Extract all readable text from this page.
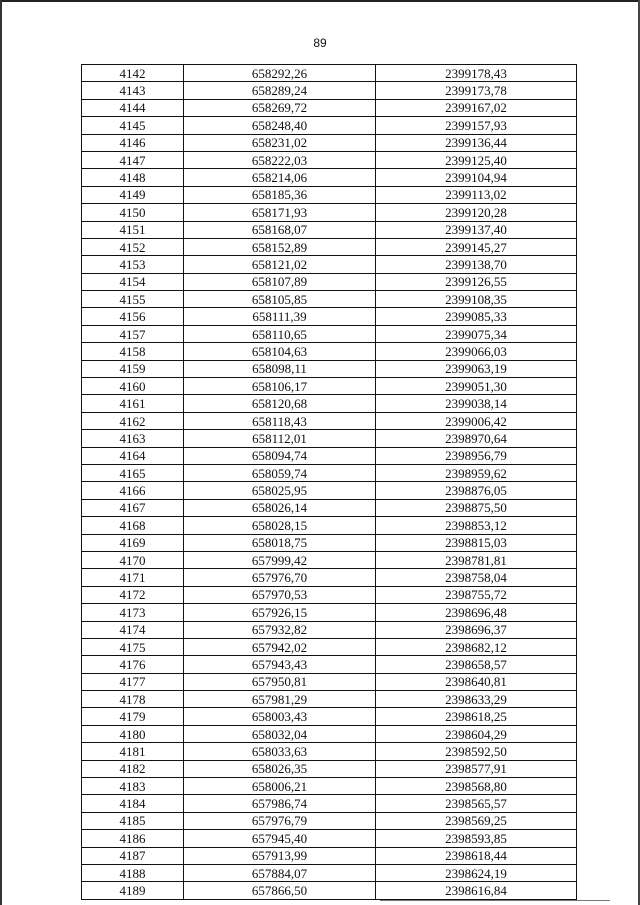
89
4142	658292,26	2399178,43
4143	658289,24	2399173,78
4144	658269,72	2399167,02
4145	658248,40	2399157,93
4146	658231,02	2399136,44
4147	658222,03	2399125,40
4148	658214,06	2399104,94
4149	658185,36	2399113,02
4150	658171,93	2399120,28
4151	658168,07	2399137,40
4152	658152,89	2399145,27
4153	658121,02	2399138,70
4154	658107,89	2399126,55
4155	658105,85	2399108,35
4156	658111,39	2399085,33
4157	658110,65	2399075,34
4158	658104,63	2399066,03
4159	658098,11	2399063,19
4160	658106,17	2399051,30
4161	658120,68	2399038,14
4162	658118,43	2399006,42
4163	658112,01	2398970,64
4164	658094,74	2398956,79
4165	658059,74	2398959,62
4166	658025,95	2398876,05
4167	658026,14	2398875,50
4168	658028,15	2398853,12
4169	658018,75	2398815,03
4170	657999,42	2398781,81
4171	657976,70	2398758,04
4172	657970,53	2398755,72
4173	657926,15	2398696,48
4174	657932,82	2398696,37
4175	657942,02	2398682,12
4176	657943,43	2398658,57
4177	657950,81	2398640,81
4178	657981,29	2398633,29
4179	658003,43	2398618,25
4180	658032,04	2398604,29
4181	658033,63	2398592,50
4182	658026,35	2398577,91
4183	658006,21	2398568,80
4184	657986,74	2398565,57
4185	657976,79	2398569,25
4186	657945,40	2398593,85
4187	657913,99	2398618,44
4188	657884,07	2398624,19
4189	657866,50	2398616,84
